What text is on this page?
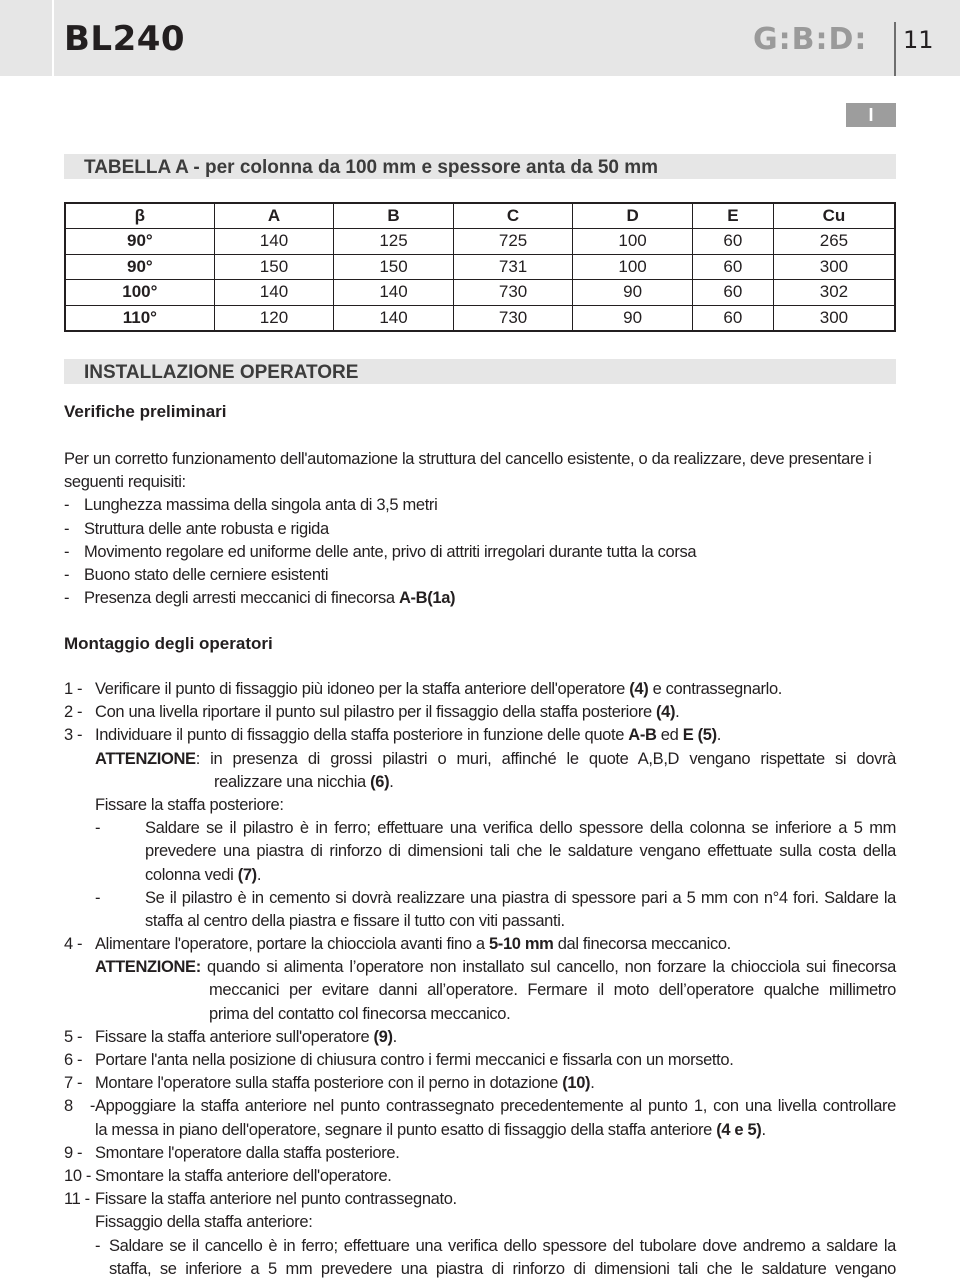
BL240	G:B:D: 11
I
TABELLA A - per colonna da 100 mm e spessore anta da 50 mm
β	A	B	C	D	E	Cu
90°	140	125	725	100	60	265
90°	150	150	731	100	60	300
100°	140	140	730	90	60	302
110°	120	140	730	90	60	300
INSTALLAZIONE OPERATORE
Verifiche preliminari
Per un corretto funzionamento dell'automazione la struttura del cancello esistente, o da realizzare, deve presentare i
seguenti requisiti:
- Lunghezza massima della singola anta di 3,5 metri
- Struttura delle ante robusta e rigida
- Movimento regolare ed uniforme delle ante, privo di attriti irregolari durante tutta la corsa
- Buono stato delle cerniere esistenti
- Presenza degli arresti meccanici di finecorsa A-B(1a)
Montaggio degli operatori
1 - Verificare il punto di fissaggio più idoneo per la staffa anteriore dell'operatore (4) e contrassegnarlo.
2 - Con una livella riportare il punto sul pilastro per il fissaggio della staffa posteriore (4).
3 - Individuare il punto di fissaggio della staffa posteriore in funzione delle quote A-B ed E (5).
ATTENZIONE: in presenza di grossi pilastri o muri, affinché le quote A,B,D vengano rispettate si dovrà
realizzare una nicchia (6).
Fissare la staffa posteriore:
-	Saldare se il pilastro è in ferro; effettuare una verifica dello spessore della colonna se inferiore a 5 mm
prevedere una piastra di rinforzo di dimensioni tali che le saldature vengano effettuate sulla costa della
colonna vedi (7).
-	Se il pilastro è in cemento si dovrà realizzare una piastra di spessore pari a 5 mm con n°4 fori. Saldare la
staffa al centro della piastra e fissare il tutto con viti passanti.
4 - Alimentare l'operatore, portare la chiocciola avanti fino a 5-10 mm dal finecorsa meccanico.
ATTENZIONE: quando si alimenta l’operatore non installato sul cancello, non forzare la chiocciola sui finecorsa
meccanici per evitare danni all’operatore. Fermare il moto dell’operatore qualche millimetro
prima del contatto col finecorsa meccanico.
5 - Fissare la staffa anteriore sull'operatore (9).
6 - Portare l'anta nella posizione di chiusura contro i fermi meccanici e fissarla con un morsetto.
7 - Montare l'operatore sulla staffa posteriore con il perno in dotazione (10).
8 -Appoggiare la staffa anteriore nel punto contrassegnato precedentemente al punto 1, con una livella controllare
la messa in piano dell'operatore, segnare il punto esatto di fissaggio della staffa anteriore (4 e 5).
9 - Smontare l'operatore dalla staffa posteriore.
10 - Smontare la staffa anteriore dell'operatore.
11 - Fissare la staffa anteriore nel punto contrassegnato.
Fissaggio della staffa anteriore:
- Saldare se il cancello è in ferro; effettuare una verifica dello spessore del tubolare dove andremo a saldare la
staffa, se inferiore a 5 mm prevedere una piastra di rinforzo di dimensioni tali che le saldature vengano
